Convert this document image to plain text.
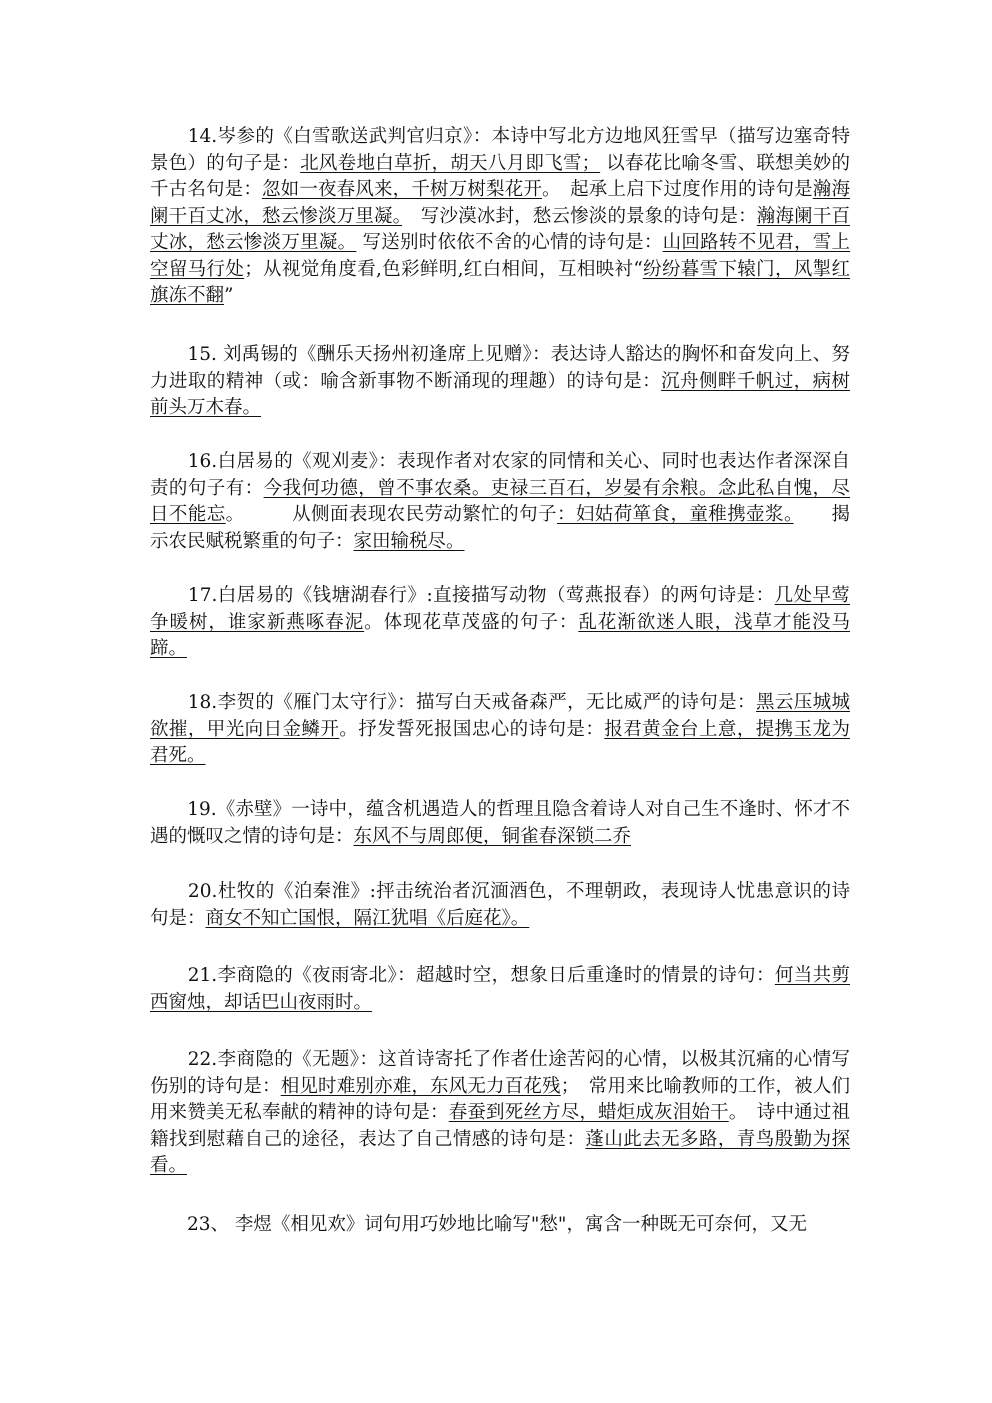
　　14.岑参的《白雪歌送武判官归京》：本诗中写北方边地风狂雪早（描写边塞奇特景色）的句子是：北风卷地白草折，胡天八月即飞雪； 以春花比喻冬雪、联想美妙的千古名句是：忽如一夜春风来，千树万树梨花开。　起承上启下过度作用的诗句是瀚海阑干百丈冰，愁云惨淡万里凝。　写沙漠冰封，愁云惨淡的景象的诗句是：瀚海阑干百丈冰，愁云惨淡万里凝。 写送别时依依不舍的心情的诗句是：山回路转不见君，雪上空留马行处；从视觉角度看,色彩鲜明,红白相间，互相映衬“纷纷暮雪下辕门，风掣红旗冻不翻”

　　15. 刘禹锡的《酬乐天扬州初逢席上见赠》：表达诗人豁达的胸怀和奋发向上、努力进取的精神（或：喻含新事物不断涌现的理趣）的诗句是：沉舟侧畔千帆过，病树前头万木春。

　　16.白居易的《观刈麦》：表现作者对农家的同情和关心、同时也表达作者深深自责的句子有：今我何功德，曾不事农桑。吏禄三百石，岁晏有余粮。念此私自愧，尽日不能忘。　　　从侧面表现农民劳动繁忙的句子：妇姑荷箪食，童稚携壶浆。　　揭示农民赋税繁重的句子：家田输税尽。

　　17.白居易的《钱塘湖春行》:直接描写动物（莺燕报春）的两句诗是：几处早莺争暖树，谁家新燕啄春泥。体现花草茂盛的句子：乱花渐欲迷人眼，浅草才能没马蹄。

　　18.李贺的《雁门太守行》：描写白天戒备森严，无比威严的诗句是：黑云压城城欲摧，甲光向日金鳞开。抒发誓死报国忠心的诗句是：报君黄金台上意，提携玉龙为君死。

　　19.《赤壁》一诗中，蕴含机遇造人的哲理且隐含着诗人对自己生不逢时、怀才不遇的慨叹之情的诗句是：东风不与周郎便，铜雀春深锁二乔

　　20.杜牧的《泊秦淮》:抨击统治者沉湎酒色，不理朝政，表现诗人忧患意识的诗句是：商女不知亡国恨，隔江犹唱《后庭花》。

　　21.李商隐的《夜雨寄北》：超越时空，想象日后重逢时的情景的诗句：何当共剪西窗烛，却话巴山夜雨时。

　　22.李商隐的《无题》：这首诗寄托了作者仕途苦闷的心情，以极其沉痛的心情写伤别的诗句是：相见时难别亦难，东风无力百花残；　常用来比喻教师的工作，被人们用来赞美无私奉献的精神的诗句是：春蚕到死丝方尽，蜡炬成灰泪始干。　诗中通过祖籍找到慰藉自己的途径，表达了自己情感的诗句是：蓬山此去无多路，青鸟殷勤为探看。

　　23、 李煜《相见欢》词句用巧妙地比喻写"愁"，寓含一种既无可奈何，又无
